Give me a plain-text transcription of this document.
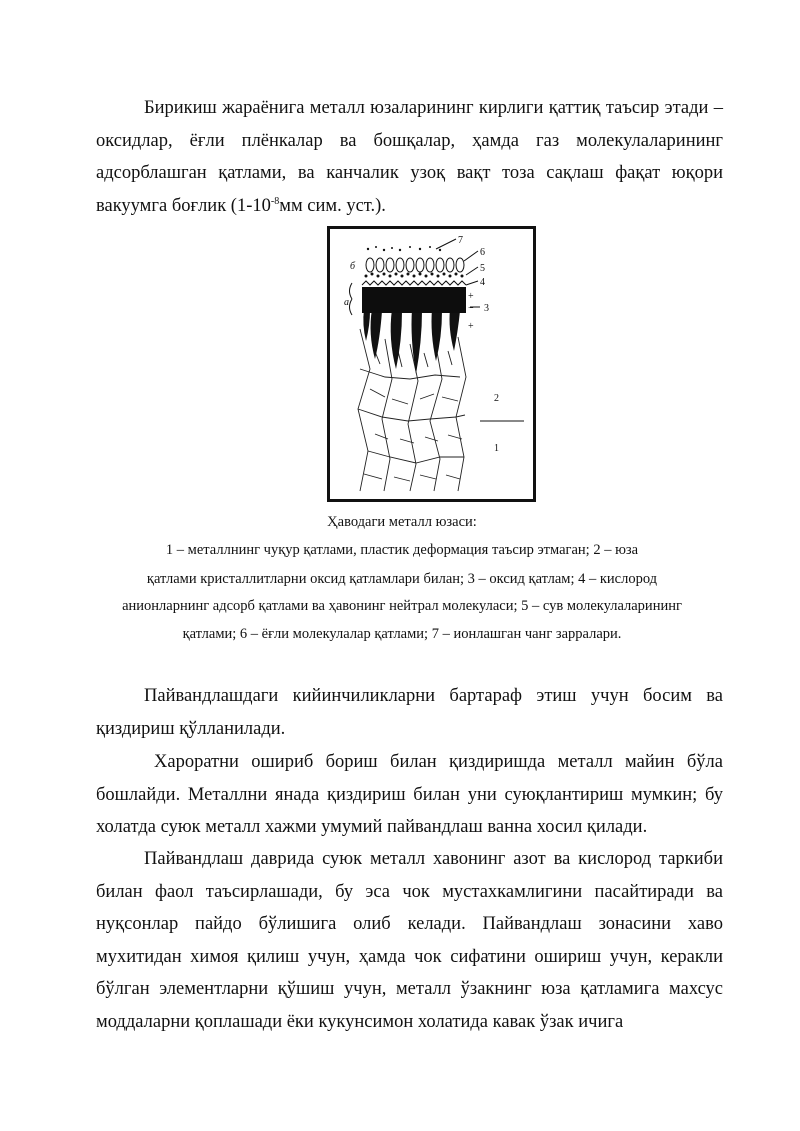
Бирикиш жараёнига металл юзаларининг кирлиги қаттиқ таъсир этади – оксидлар, ёғли плёнкалар ва бошқалар, ҳамда газ молекулаларининг адсорблашган қатлами, ва канчалик узоқ вақт тоза сақлаш фақат юқори вакуумга боғлик ($1-10^{-8}мм$ сим. уст.).

7
6
5
4
3
2
1
а
б
+
−
+

Ҳаводаги металл юзаси:

1 – металлнинг чуқур қатлами, пластик деформация таъсир этмаган; 2 – юза

қатлами кристаллитларни оксид қатламлари билан; 3 – оксид қатлам; 4 – кислород

анионларнинг адсорб қатлами ва ҳавонинг нейтрал молекуласи; 5 – сув молекулаларининг

қатлами; 6 – ёғли молекулалар қатлами; 7 – ионлашган чанг зарралари.

Пайвандлашдаги кийинчиликларни бартараф этиш учун босим ва қиздириш қўлланилади.

Хароратни ошириб бориш билан қиздиришда металл майин бўла бошлайди. Металлни янада қиздириш билан уни суюқлантириш мумкин; бу холатда суюк металл хажми умумий пайвандлаш ванна хосил қилади.

Пайвандлаш даврида суюк металл хавонинг азот ва кислород таркиби билан фаол таъсирлашади, бу эса чок мустахкамлигини пасайтиради ва нуқсонлар пайдо бўлишига олиб келади. Пайвандлаш зонасини хаво мухитидан химоя қилиш учун, ҳамда чок сифатини ошириш учун, керакли бўлган элементларни қўшиш учун, металл ўзакнинг юза қатламига махсус моддаларни қоплашади ёки кукунсимон холатида кавак ўзак ичига
